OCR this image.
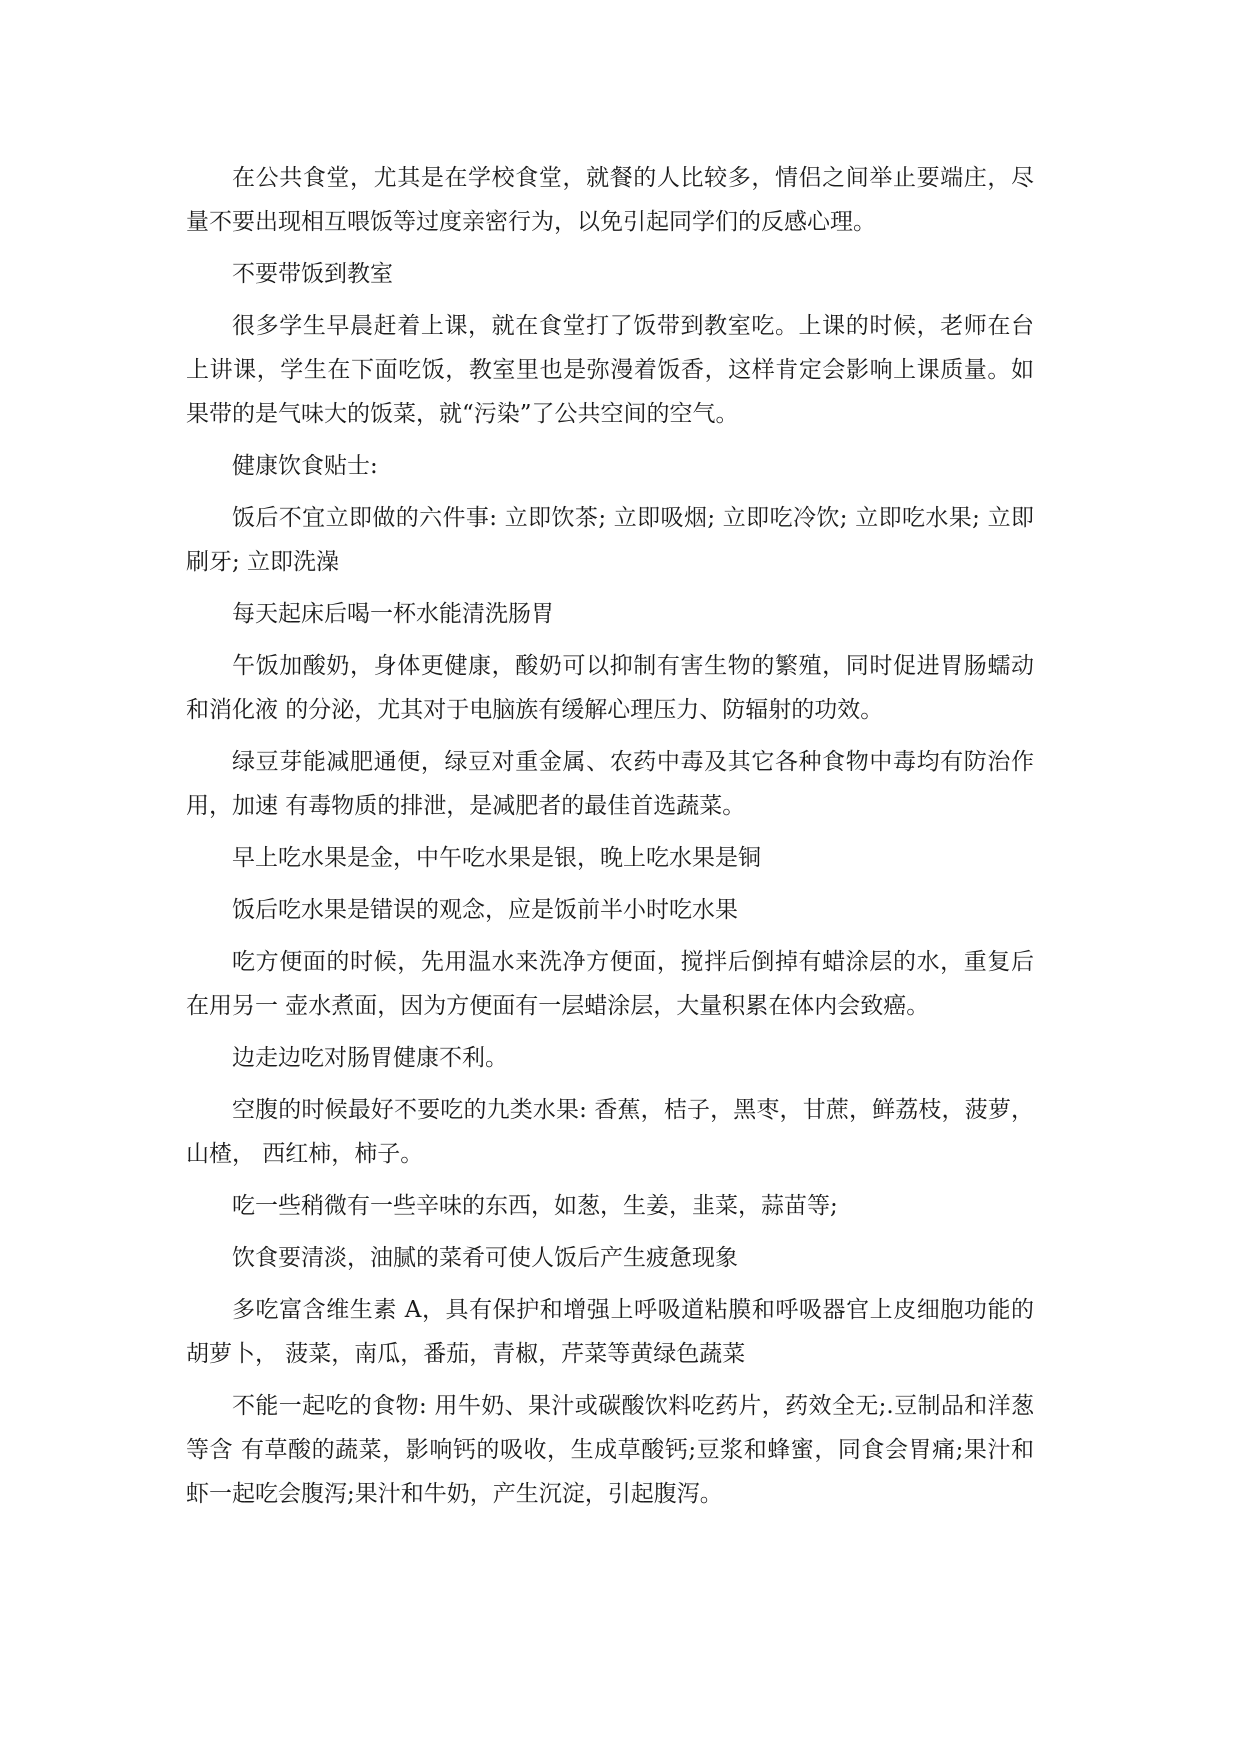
在公共食堂，尤其是在学校食堂，就餐的人比较多，情侣之间举止要端庄，尽量不要出现相互喂饭等过度亲密行为，以免引起同学们的反感心理。

不要带饭到教室

很多学生早晨赶着上课，就在食堂打了饭带到教室吃。上课的时候，老师在台上讲课，学生在下面吃饭，教室里也是弥漫着饭香，这样肯定会影响上课质量。如果带的是气味大的饭菜，就“污染”了公共空间的空气。

健康饮食贴士:

饭后不宜立即做的六件事: 立即饮茶; 立即吸烟; 立即吃冷饮; 立即吃水果; 立即刷牙; 立即洗澡

每天起床后喝一杯水能清洗肠胃

午饭加酸奶，身体更健康，酸奶可以抑制有害生物的繁殖，同时促进胃肠蠕动和消化液 的分泌，尤其对于电脑族有缓解心理压力、防辐射的功效。

绿豆芽能减肥通便，绿豆对重金属、农药中毒及其它各种食物中毒均有防治作用，加速 有毒物质的排泄，是减肥者的最佳首选蔬菜。

早上吃水果是金，中午吃水果是银，晚上吃水果是铜

饭后吃水果是错误的观念，应是饭前半小时吃水果

吃方便面的时候，先用温水来洗净方便面，搅拌后倒掉有蜡涂层的水，重复后在用另一 壶水煮面，因为方便面有一层蜡涂层，大量积累在体内会致癌。

边走边吃对肠胃健康不利。

空腹的时候最好不要吃的九类水果: 香蕉，桔子，黑枣，甘蔗，鲜荔枝，菠萝，山楂， 西红柿，柿子。

吃一些稍微有一些辛味的东西，如葱，生姜，韭菜，蒜苗等;

饮食要清淡，油腻的菜肴可使人饭后产生疲惫现象

多吃富含维生素 A，具有保护和增强上呼吸道粘膜和呼吸器官上皮细胞功能的胡萝卜， 菠菜，南瓜，番茄，青椒，芹菜等黄绿色蔬菜

不能一起吃的食物: 用牛奶、果汁或碳酸饮料吃药片，药效全无;.豆制品和洋葱等含 有草酸的蔬菜，影响钙的吸收，生成草酸钙;豆浆和蜂蜜，同食会胃痛;果汁和虾一起吃会腹泻;果汁和牛奶，产生沉淀，引起腹泻。
